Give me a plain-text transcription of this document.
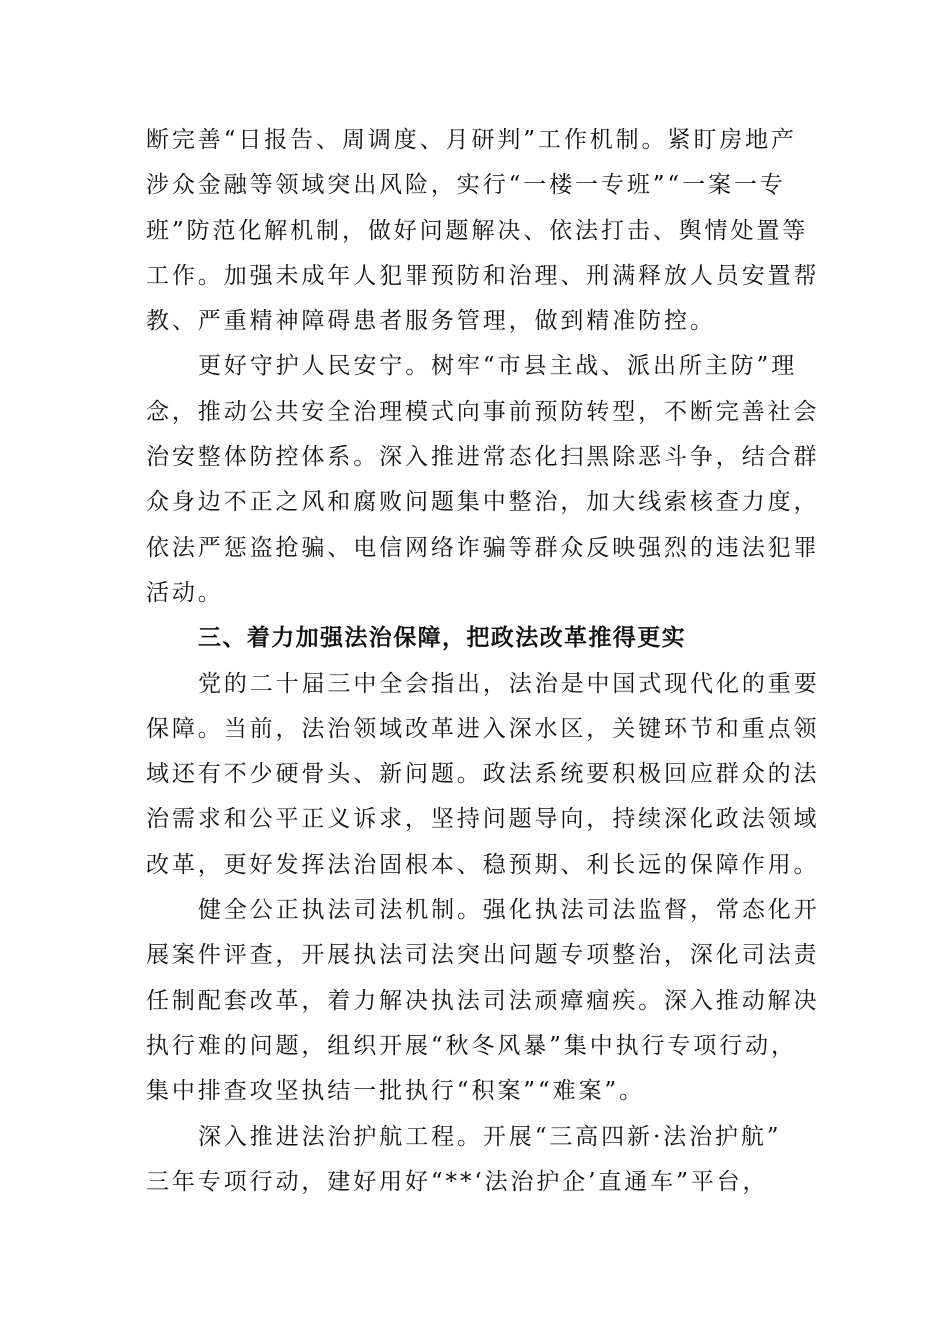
断完善“日报告、周调度、月研判”工作机制。紧盯房地产
涉众金融等领域突出风险，实行“一楼一专班”“一案一专
班”防范化解机制，做好问题解决、依法打击、舆情处置等
工作。加强未成年人犯罪预防和治理、刑满释放人员安置帮
教、严重精神障碍患者服务管理，做到精准防控。
更好守护人民安宁。树牢“市县主战、派出所主防”理
念，推动公共安全治理模式向事前预防转型，不断完善社会
治安整体防控体系。深入推进常态化扫黑除恶斗争，结合群
众身边不正之风和腐败问题集中整治，加大线索核查力度，
依法严惩盗抢骗、电信网络诈骗等群众反映强烈的违法犯罪
活动。
三、着力加强法治保障，把政法改革推得更实
党的二十届三中全会指出，法治是中国式现代化的重要
保障。当前，法治领域改革进入深水区，关键环节和重点领
域还有不少硬骨头、新问题。政法系统要积极回应群众的法
治需求和公平正义诉求，坚持问题导向，持续深化政法领域
改革，更好发挥法治固根本、稳预期、利长远的保障作用。
健全公正执法司法机制。强化执法司法监督，常态化开
展案件评查，开展执法司法突出问题专项整治，深化司法责
任制配套改革，着力解决执法司法顽瘴痼疾。深入推动解决
执行难的问题，组织开展“秋冬风暴”集中执行专项行动，
集中排查攻坚执结一批执行“积案”“难案”。
深入推进法治护航工程。开展“三高四新·法治护航”
三年专项行动，建好用好“**‘法治护企’直通车”平台，
